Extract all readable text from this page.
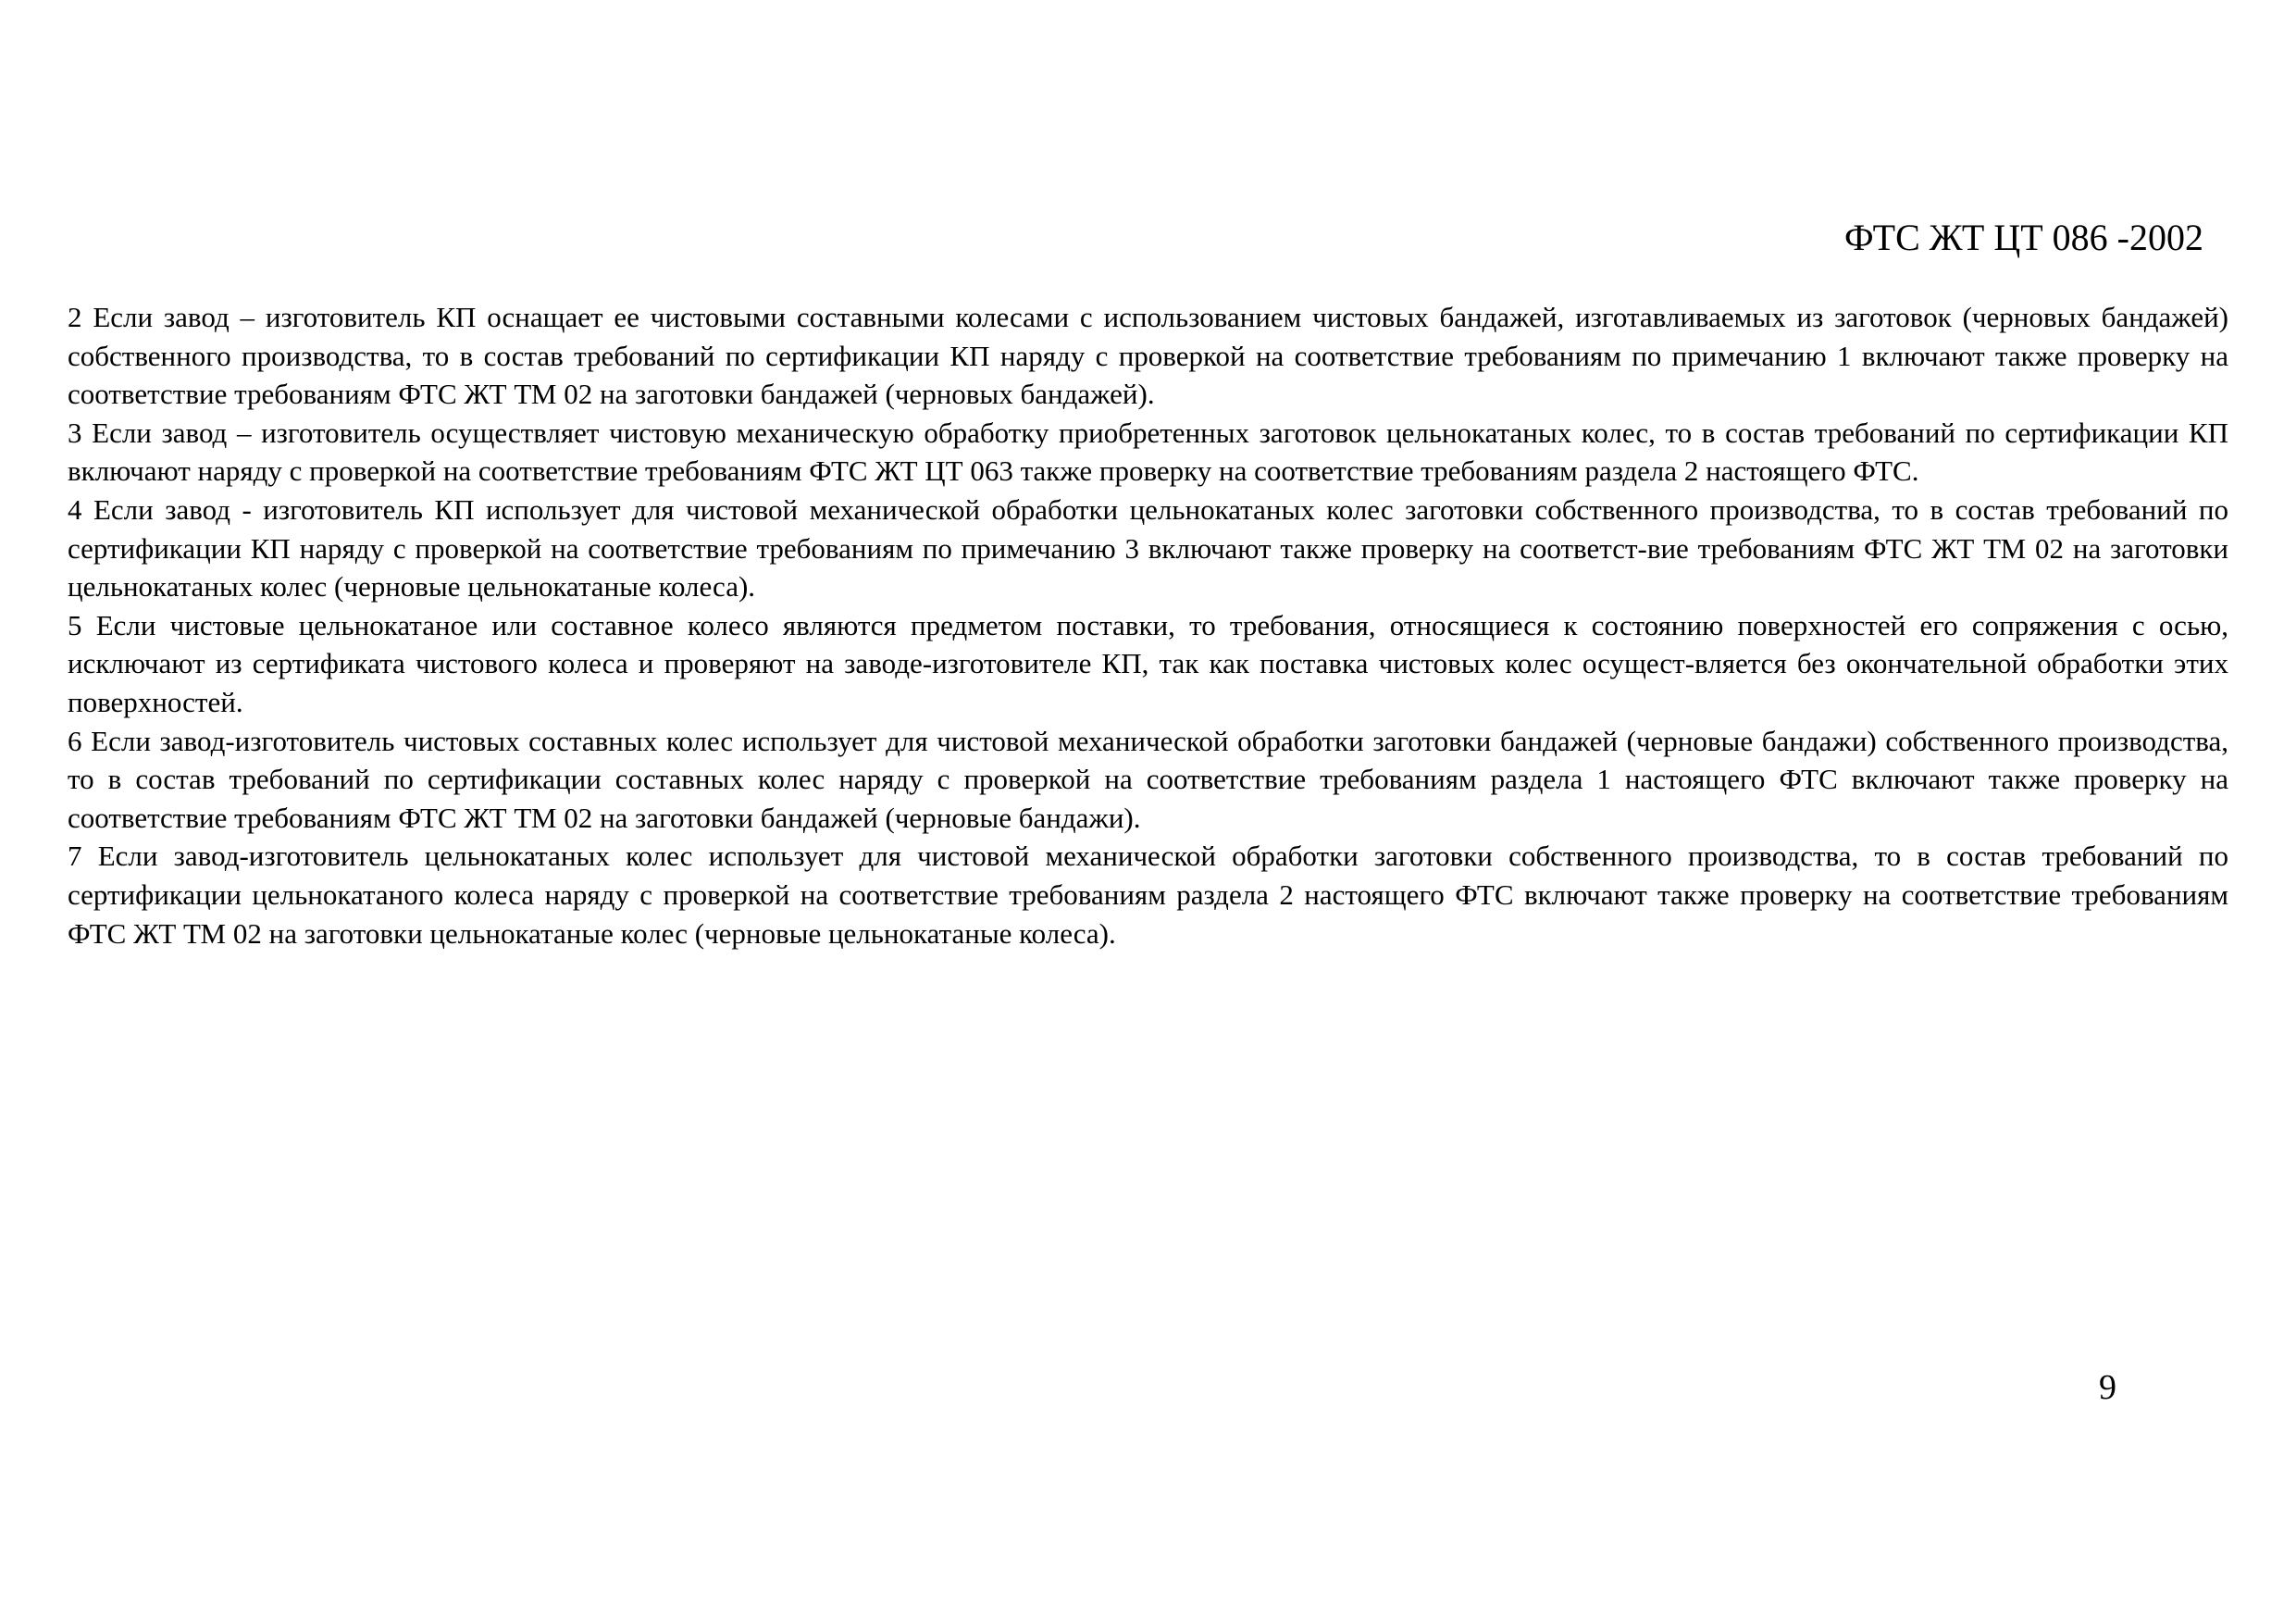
ФТС ЖТ ЦТ 086 -2002

2 Если завод – изготовитель КП оснащает ее чистовыми составными колесами с использованием чистовых бандажей, изготавливаемых из заготовок (черновых бандажей) собственного производства, то в состав требований по сертификации КП наряду с проверкой на соответствие требованиям по примечанию 1 включают также проверку на соответствие требованиям ФТС ЖТ ТМ 02 на заготовки бандажей (черновых бандажей).

3 Если завод – изготовитель осуществляет чистовую механическую обработку приобретенных заготовок цельнокатаных колес, то в состав требований по сертификации КП включают наряду с проверкой на соответствие требованиям ФТС ЖТ ЦТ 063 также проверку на соответствие требованиям раздела 2 настоящего ФТС.

4 Если завод - изготовитель КП использует для чистовой механической обработки цельнокатаных колес заготовки собственного производства, то в состав требований по сертификации КП наряду с проверкой на соответствие требованиям по примечанию 3 включают также проверку на соответст-вие требованиям ФТС ЖТ ТМ 02 на заготовки цельнокатаных колес (черновые цельнокатаные колеса).

5 Если чистовые цельнокатаное или составное колесо являются предметом поставки, то требования, относящиеся к состоянию поверхностей его сопряжения с осью, исключают из сертификата чистового колеса и проверяют на заводе-изготовителе КП, так как поставка чистовых колес осущест-вляется без окончательной обработки этих поверхностей.

6 Если завод-изготовитель чистовых составных колес использует для чистовой механической обработки заготовки бандажей (черновые бандажи) собственного производства, то в состав требований по сертификации составных колес наряду с проверкой на соответствие требованиям раздела 1 настоящего ФТС включают также проверку на соответствие требованиям ФТС ЖТ ТМ 02 на заготовки бандажей (черновые бандажи).

7 Если завод-изготовитель цельнокатаных колес использует для чистовой механической обработки заготовки собственного производства, то в состав требований по сертификации цельнокатаного колеса наряду с проверкой на соответствие требованиям раздела 2 настоящего ФТС включают также проверку на соответствие требованиям ФТС ЖТ ТМ 02 на заготовки цельнокатаные колес (черновые цельнокатаные колеса).

9
